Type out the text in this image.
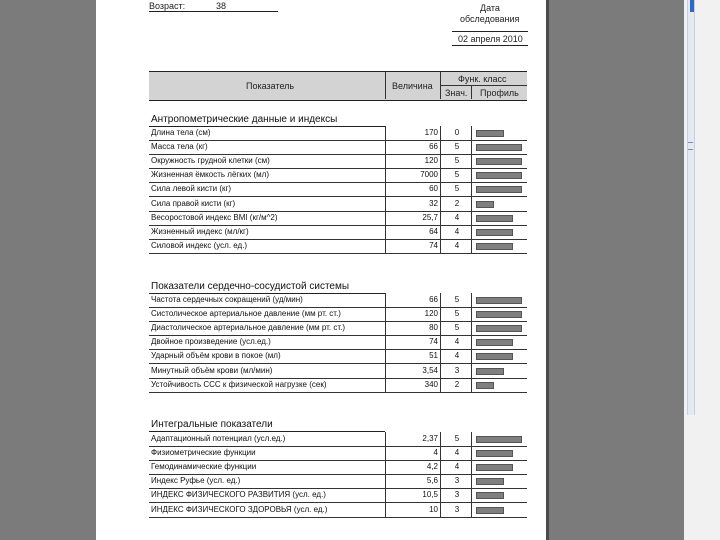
Возраст:	38	Дата
обследования
02 апреля 2010
Показатель	Величина
Функ. класс
Знач. Профиль
Антропометрические данные и индексы
Длина тела (см)	170	0
Масса тела (кг)	66	5
Окружность грудной клетки (см)	120	5
Жизненная ёмкость лёгких (мл)	7000	5
Сила левой кисти (кг)	60	5
Сила правой кисти (кг)	32	2
Весоростовой индекс BMI (кг/м^2)	25,7	4
Жизненный индекс (мл/кг)	64	4
Силовой индекс (усл. ед.)	74	4
Показатели сердечно-сосудистой системы
Частота сердечных сокращений (уд/мин)	66	5
Систолическое артериальное давление (мм рт. ст.)	120	5
Диастолическое артериальное давление (мм рт. ст.)	80	5
Двойное произведение (усл.ед.)	74	4
Ударный объём крови в покое (мл)	51	4
Минутный объём крови (мл/мин)	3,54	3
Устойчивость ССС к физической нагрузке (сек)	340	2
Интегральные показатели
Адаптационный потенциал (усл.ед.)	2,37	5
Физиометрические функции	4	4
Гемодинамические функции	4,2	4
Индекс Руфье (усл. ед.)	5,6	3
ИНДЕКС ФИЗИЧЕСКОГО РАЗВИТИЯ (усл. ед.)	10,5	3
ИНДЕКС ФИЗИЧЕСКОГО ЗДОРОВЬЯ (усл. ед.)	10	3
